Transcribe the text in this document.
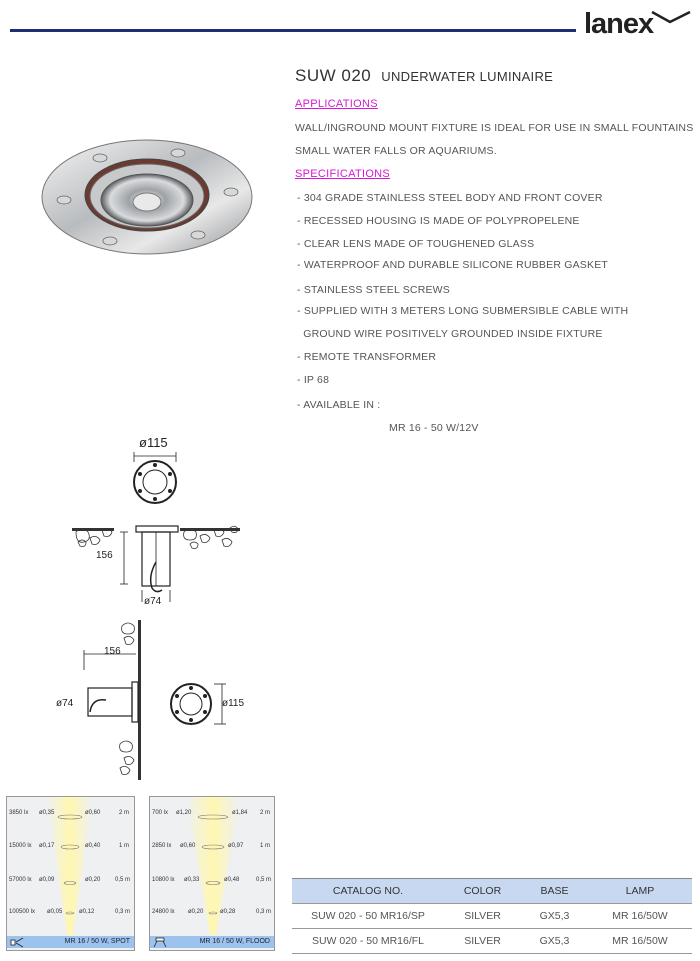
lanex
SUW 020 UNDERWATER LUMINAIRE
APPLICATIONS
WALL/INGROUND MOUNT FIXTURE IS IDEAL FOR USE IN SMALL FOUNTAINS
SMALL WATER FALLS OR AQUARIUMS.
SPECIFICATIONS
- 304 GRADE STAINLESS STEEL BODY AND FRONT COVER
- RECESSED HOUSING IS MADE OF POLYPROPELENE
- CLEAR LENS MADE OF TOUGHENED GLASS
- WATERPROOF AND DURABLE SILICONE RUBBER GASKET
- STAINLESS STEEL SCREWS
- SUPPLIED WITH 3 METERS LONG SUBMERSIBLE CABLE WITH
GROUND WIRE POSITIVELY GROUNDED INSIDE FIXTURE
- REMOTE TRANSFORMER
- IP 68
- AVAILABLE IN :
MR 16 - 50 W/12V
ø115
156
ø74
156
ø74	ø115
3850 lx ø0,35	ø0,60	2 m
15000 lx ø0,17	ø0,40	1 m
57000 lx ø0,09	ø0,20 0,5 m
100500 lx ø0,05	ø0,12	0,3 m
MR 16 / 50 W, SPOT
700 lx ø1,20	ø1,84 2 m
2850 lx ø0,60	ø0,97	1 m
10800 lx ø0,33	ø0,48	0,5 m
24800 lx ø0,20	ø0,28	0,3 m
MR 16 / 50 W, FLOOD
CATALOG NO.	COLOR	BASE	LAMP
SUW 020 - 50 MR16/SP	SILVER	GX5,3	MR 16/50W
SUW 020 - 50 MR16/FL	SILVER	GX5,3	MR 16/50W
